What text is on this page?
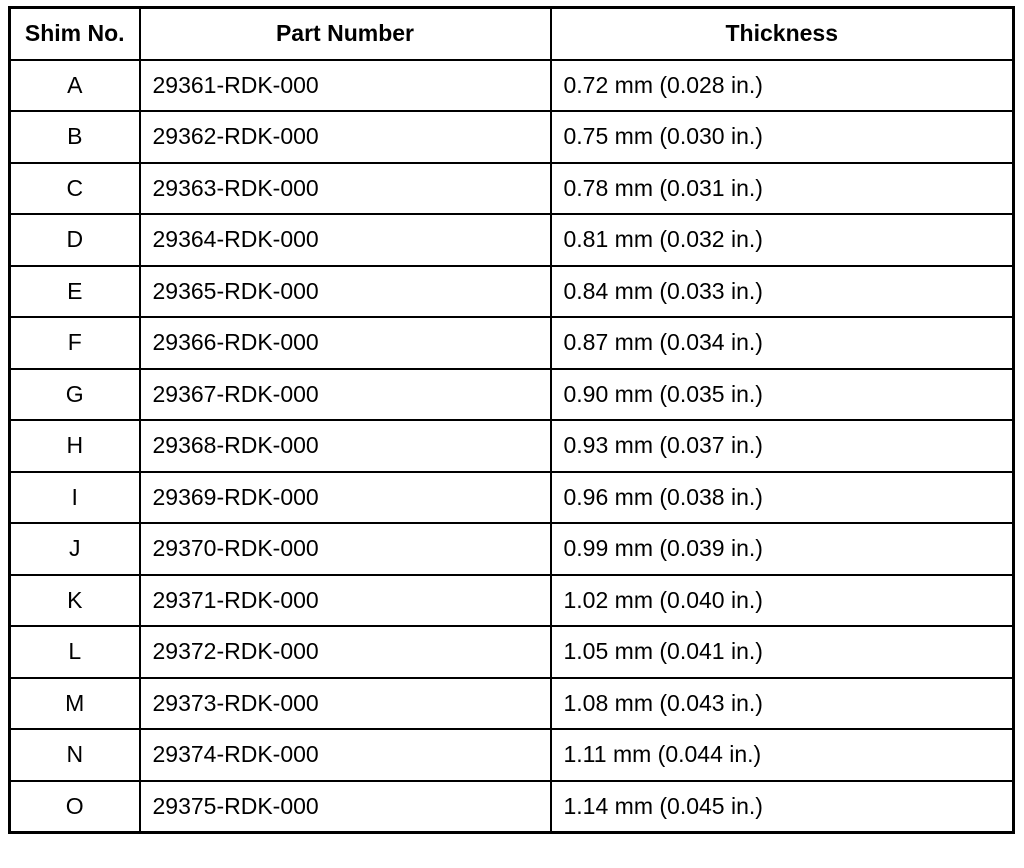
Shim No.	Part Number	Thickness
A	29361-RDK-000	0.72 mm (0.028 in.)
B	29362-RDK-000	0.75 mm (0.030 in.)
C	29363-RDK-000	0.78 mm (0.031 in.)
D	29364-RDK-000	0.81 mm (0.032 in.)
E	29365-RDK-000	0.84 mm (0.033 in.)
F	29366-RDK-000	0.87 mm (0.034 in.)
G	29367-RDK-000	0.90 mm (0.035 in.)
H	29368-RDK-000	0.93 mm (0.037 in.)
I	29369-RDK-000	0.96 mm (0.038 in.)
J	29370-RDK-000	0.99 mm (0.039 in.)
K	29371-RDK-000	1.02 mm (0.040 in.)
L	29372-RDK-000	1.05 mm (0.041 in.)
M	29373-RDK-000	1.08 mm (0.043 in.)
N	29374-RDK-000	1.11 mm (0.044 in.)
O	29375-RDK-000	1.14 mm (0.045 in.)
